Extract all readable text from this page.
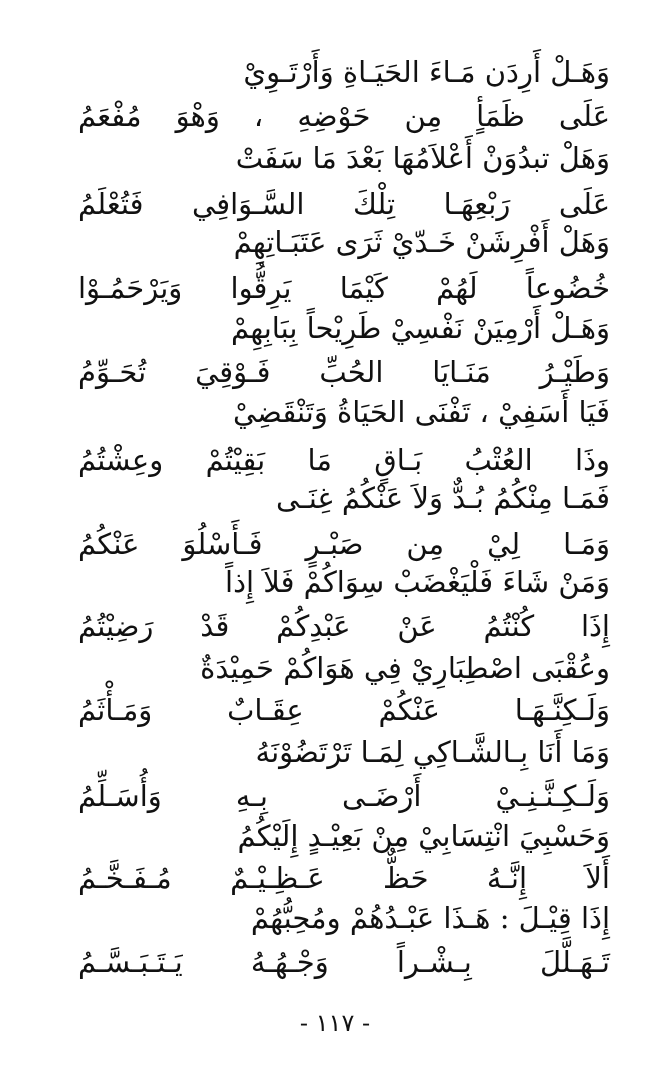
وَهَـلْ أَرِدَن مَـاءَ الحَيَـاةِ وَأَرْتَـوِيْ
عَلَى ظَمَأٍ مِن حَوْضِهِ ، وَهْوَ مُفْعَمُ
وَهَلْ تبدُوَنْ أَعْلاَمُهَا بَعْدَ مَا سَفَتْ
عَلَى رَبْعِهَـا تِلْكَ السَّـوَافِي فَتُعْلَمُ
وَهَلْ أَفْرِشَنْ خَـدّيْ ثَرَى عَتَبَـاتِهِمْ
خُضُوعاً لَهُمْ كَيْمَا يَرِقُّوا وَيَرْحَمُـوْا
وَهَـلْ أَرْمِيَنْ نَفْسِيْ طَرِيْحاً بِبَابِهِمْ
وَطَيْـرُ مَنَـايَا الحُبِّ فَـوْقِيَ تُحَـوِّمُ
فَيَا أَسَفِيْ ، تَفْنَى الحَيَاةُ وَتَنْقَضِيْ
وذَا العُتْبُ بَـاقٍ مَا بَقِيْتُمْ وعِشْتُمُ
فَمَـا مِنْكُمُ بُـدٌّ وَلاَ عَنْكُمُ غِنَـى
وَمَـا لِيْ مِن صَبْـرٍ فَـأَسْلُوَ عَنْكُمُ
وَمَنْ شَاءَ فَلْيَغْضَبْ سِوَاكُمْ فَلاَ إِذاً
إِذَا كُنْتُمُ عَنْ عَبْدِكُمْ قَدْ رَضِيْتُمُ
وعُقْبَى اصْطِبَارِيْ فِي هَوَاكُمْ حَمِيْدَةٌ
وَلَـكِنَّـهَـا عَنْكُمْ عِقَـابٌ وَمَـأْثَمُ
وَمَا أَنَا بِـالشَّـاكِي لِمَـا تَرْتَضُوْنَهُ
وَلَـكِـنَّـنِـيْ أَرْضَـى بِـهِ وَأُسَـلِّمُ
وَحَسْبِيَ انْتِسَابِيْ مِنْ بَعِيْـدٍ إِلَيْكُمُ
أَلاَ إِنَّـهُ حَظٌّ عَـظِـيْـمٌ مُـفَـخَّـمُ
إِذَا قِيْـلَ : هَـذَا عَبْـدُهُمْ ومُحِبُّهُمْ
تَـهَـلَّلَ بِـشْـراً وَجْـهُـهُ يَـتَـبَـسَّـمُ
- ١١٧ -
